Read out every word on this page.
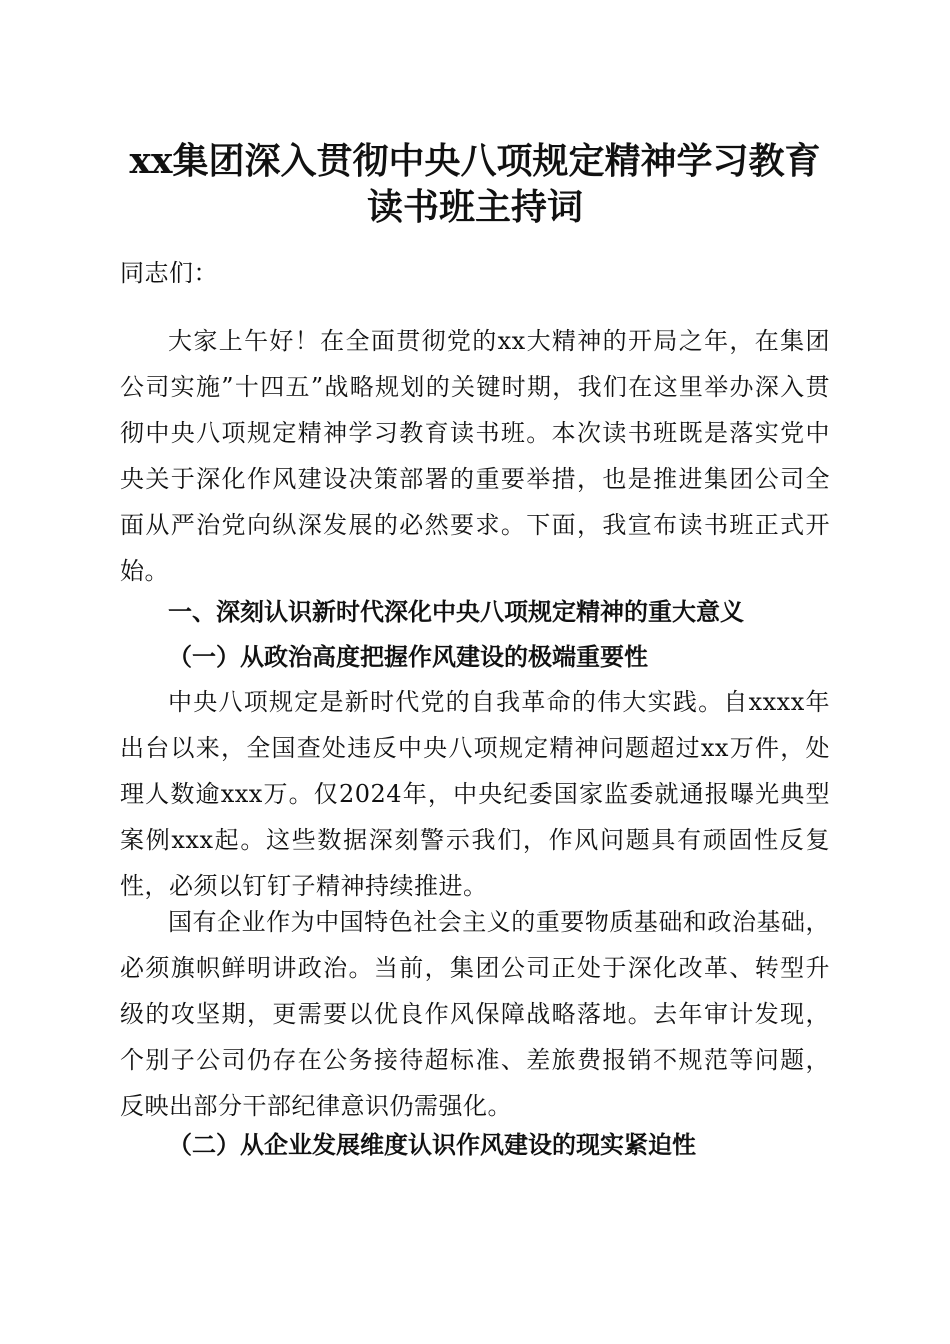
xx集团深入贯彻中央八项规定精神学习教育
读书班主持词
同志们：
大家上午好！在全面贯彻党的xx大精神的开局之年，在集团公司实施”十四五”战略规划的关键时期，我们在这里举办深入贯彻中央八项规定精神学习教育读书班。本次读书班既是落实党中央关于深化作风建设决策部署的重要举措，也是推进集团公司全面从严治党向纵深发展的必然要求。下面，我宣布读书班正式开始。
一、深刻认识新时代深化中央八项规定精神的重大意义
（一）从政治高度把握作风建设的极端重要性
中央八项规定是新时代党的自我革命的伟大实践。自xxxx年出台以来，全国查处违反中央八项规定精神问题超过xx万件，处理人数逾xxx万。仅2024年，中央纪委国家监委就通报曝光典型案例xxx起。这些数据深刻警示我们，作风问题具有顽固性反复性，必须以钉钉子精神持续推进。
国有企业作为中国特色社会主义的重要物质基础和政治基础，必须旗帜鲜明讲政治。当前，集团公司正处于深化改革、转型升级的攻坚期，更需要以优良作风保障战略落地。去年审计发现，个别子公司仍存在公务接待超标准、差旅费报销不规范等问题，反映出部分干部纪律意识仍需强化。
（二）从企业发展维度认识作风建设的现实紧迫性
